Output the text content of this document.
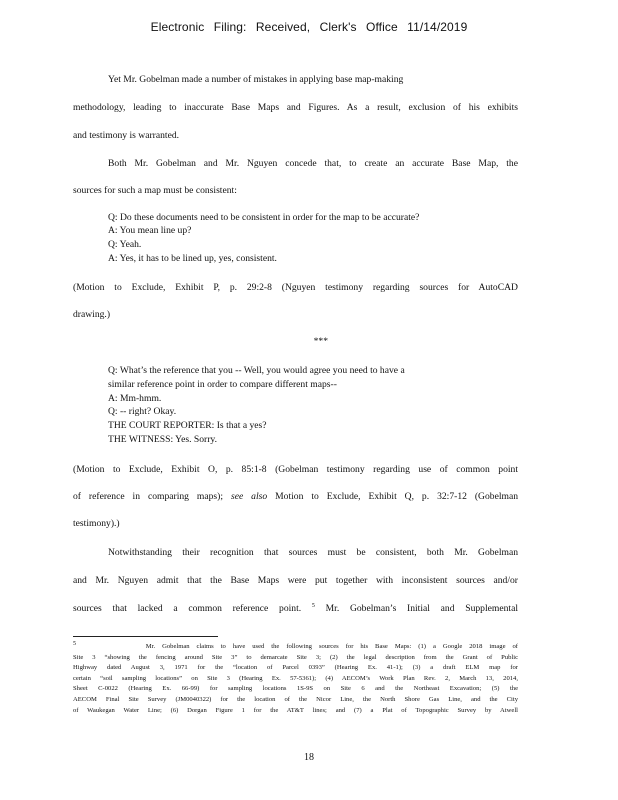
Electronic Filing: Received, Clerk's Office 11/14/2019
Yet Mr. Gobelman made a number of mistakes in applying base map-making
methodology, leading to inaccurate Base Maps and Figures. As a result, exclusion of his exhibits
and testimony is warranted.
Both Mr. Gobelman and Mr. Nguyen concede that, to create an accurate Base Map, the
sources for such a map must be consistent:
Q: Do these documents need to be consistent in order for the map to be accurate?
A: You mean line up?
Q: Yeah.
A: Yes, it has to be lined up, yes, consistent.
(Motion to Exclude, Exhibit P, p. 29:2-8 (Nguyen testimony regarding sources for AutoCAD
drawing.)
***
Q: What’s the reference that you -- Well, you would agree you need to have a
similar reference point in order to compare different maps--
A: Mm-hmm.
Q: -- right? Okay.
THE COURT REPORTER: Is that a yes?
THE WITNESS: Yes. Sorry.
(Motion to Exclude, Exhibit O, p. 85:1-8 (Gobelman testimony regarding use of common point
of reference in comparing maps); see also Motion to Exclude, Exhibit Q, p. 32:7-12 (Gobelman
testimony).)
Notwithstanding their recognition that sources must be consistent, both Mr. Gobelman
and Mr. Nguyen admit that the Base Maps were put together with inconsistent sources and/or
sources that lacked a common reference point. $^5$ Mr. Gobelman’s Initial and Supplemental
$^5$	Mr. Gobelman claims to have used the following sources for his Base Maps: (1) a Google 2018 image of
Site 3 “showing the fencing around Site 3” to demarcate Site 3; (2) the legal description from the Grant of Public
Highway dated August 3, 1971 for the “location of Parcel 0393” (Hearing Ex. 41-1); (3) a draft ELM map for
certain “soil sampling locations” on Site 3 (Hearing Ex. 57-5361); (4) AECOM’s Work Plan Rev. 2, March 13, 2014,
Sheet C-0022 (Hearing Ex. 66-99) for sampling locations 1S-9S on Site 6 and the Northeast Excavation; (5) the
AECOM Final Site Survey (JM0040322) for the location of the Nicor Line, the North Shore Gas Line, and the City
of Waukegan Water Line; (6) Dorgan Figure 1 for the AT&T lines; and (7) a Plat of Topographic Survey by Atwell
18
